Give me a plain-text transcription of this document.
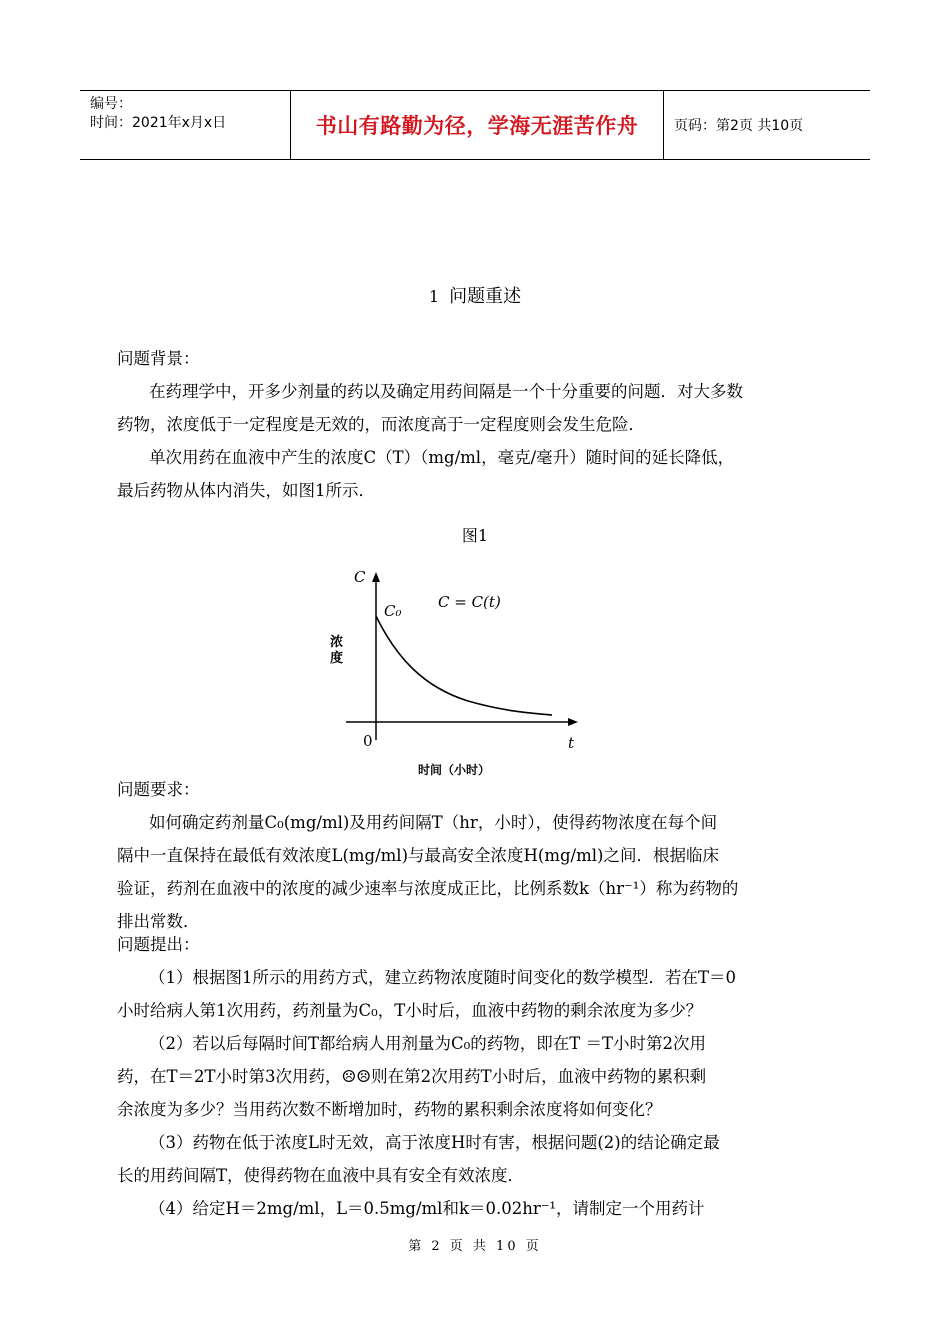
编号：
时间：2021年x月x日	书山有路勤为径，学海无涯苦作舟	页码：第2页 共10页
1 问题重述
问题背景：
在药理学中，开多少剂量的药以及确定用药间隔是一个十分重要的问题．对大多数
药物，浓度低于一定程度是无效的，而浓度高于一定程度则会发生危险．
单次用药在血液中产生的浓度C（T）（mg/ml，毫克/毫升）随时间的延长降低，
最后药物从体内消失，如图1所示．
图1
C
浓
度
C₀ C = C(t)
0	t
时间（小时）
问题要求：
如何确定药剂量C₀(mg/ml)及用药间隔T（hr，小时），使得药物浓度在每个间
隔中一直保持在最低有效浓度L(mg/ml)与最高安全浓度H(mg/ml)之间．根据临床
验证，药剂在血液中的浓度的减少速率与浓度成正比，比例系数k（hr⁻¹）称为药物的
排出常数．
问题提出：
（1）根据图1所示的用药方式，建立药物浓度随时间变化的数学模型．若在T＝0
小时给病人第1次用药，药剂量为C₀，T小时后，血液中药物的剩余浓度为多少？
（2）若以后每隔时间T都给病人用剂量为C₀的药物，即在T ＝T小时第2次用
药，在T＝2T小时第3次用药，☹☹则在第2次用药T小时后，血液中药物的累积剩
余浓度为多少？当用药次数不断增加时，药物的累积剩余浓度将如何变化？
（3）药物在低于浓度L时无效，高于浓度H时有害，根据问题(2)的结论确定最
长的用药间隔T，使得药物在血液中具有安全有效浓度．
（4）给定H＝2mg/ml，L＝0.5mg/ml和k＝0.02hr⁻¹，请制定一个用药计
第 2 页 共 10 页
